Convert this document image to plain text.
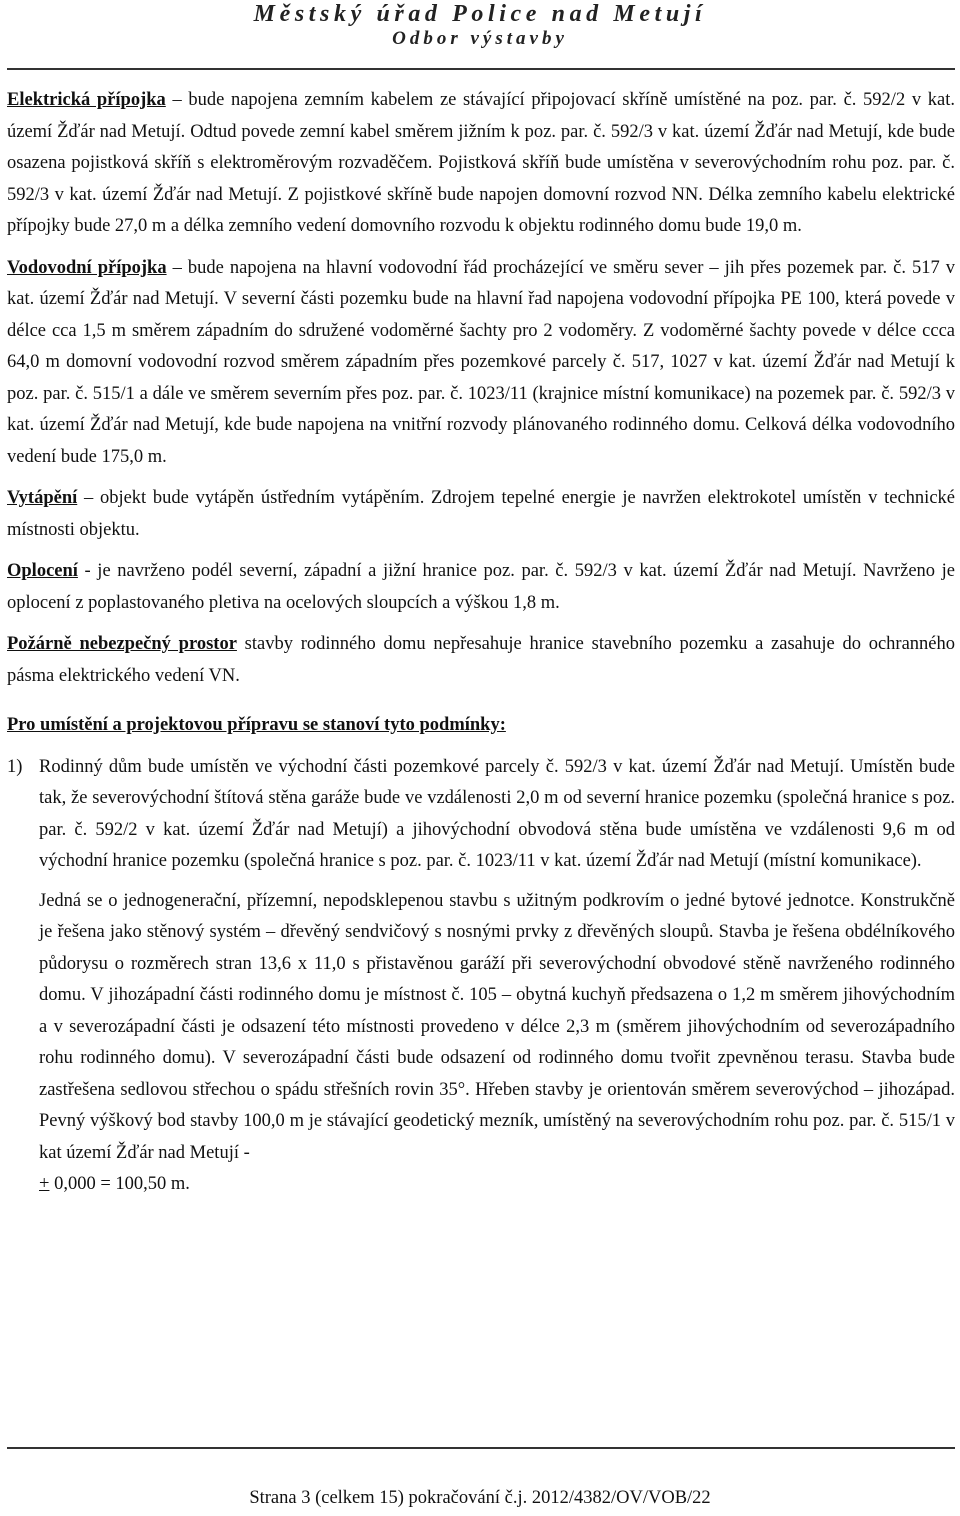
Městský úřad Police nad Metují
Odbor výstavby

Elektrická přípojka – bude napojena zemním kabelem ze stávající připojovací skříně umístěné na poz. par. č. 592/2 v kat. území Žďár nad Metují. Odtud povede zemní kabel směrem jižním k poz. par. č. 592/3 v kat. území Žďár nad Metují, kde bude osazena pojistková skříň s elektroměrovým rozvaděčem. Pojistková skříň bude umístěna v severovýchodním rohu poz. par. č. 592/3 v kat. území Žďár nad Metují. Z pojistkové skříně bude napojen domovní rozvod NN. Délka zemního kabelu elektrické přípojky bude 27,0 m a délka zemního vedení domovního rozvodu k objektu rodinného domu bude 19,0 m.

Vodovodní přípojka – bude napojena na hlavní vodovodní řád procházející ve směru sever – jih přes pozemek par. č. 517 v kat. území Žďár nad Metují. V severní části pozemku bude na hlavní řad napojena vodovodní přípojka PE 100, která povede v délce cca 1,5 m směrem západním do sdružené vodoměrné šachty pro 2 vodoměry. Z vodoměrné šachty povede v délce ccca 64,0 m domovní vodovodní rozvod směrem západním přes pozemkové parcely č. 517, 1027 v kat. území Žďár nad Metují k poz. par. č. 515/1 a dále ve směrem severním přes poz. par. č. 1023/11 (krajnice místní komunikace) na pozemek par. č. 592/3 v kat. území Žďár nad Metují, kde bude napojena na vnitřní rozvody plánovaného rodinného domu. Celková délka vodovodního vedení bude 175,0 m.

Vytápění – objekt bude vytápěn ústředním vytápěním. Zdrojem tepelné energie je navržen elektrokotel umístěn v technické místnosti objektu.

Oplocení - je navrženo podél severní, západní a jižní hranice poz. par. č. 592/3 v kat. území Žďár nad Metují. Navrženo je oplocení z poplastovaného pletiva na ocelových sloupcích a výškou 1,8 m.

Požárně nebezpečný prostor stavby rodinného domu nepřesahuje hranice stavebního pozemku a zasahuje do ochranného pásma elektrického vedení VN.

Pro umístění a projektovou přípravu se stanoví tyto podmínky:

1) Rodinný dům bude umístěn ve východní části pozemkové parcely č. 592/3 v kat. území Žďár nad Metují. Umístěn bude tak, že severovýchodní štítová stěna garáže bude ve vzdálenosti 2,0 m od severní hranice pozemku (společná hranice s poz. par. č. 592/2 v kat. území Žďár nad Metují) a jihovýchodní obvodová stěna bude umístěna ve vzdálenosti 9,6 m od východní hranice pozemku (společná hranice s poz. par. č. 1023/11 v kat. území Žďár nad Metují (místní komunikace).
Jedná se o jednogenerační, přízemní, nepodsklepenou stavbu s užitným podkrovím o jedné bytové jednotce. Konstrukčně je řešena jako stěnový systém – dřevěný sendvičový s nosnými prvky z dřevěných sloupů. Stavba je řešena obdélníkového půdorysu o rozměrech stran 13,6 x 11,0 s přistavěnou garáží při severovýchodní obvodové stěně navrženého rodinného domu. V jihozápadní části rodinného domu je místnost č. 105 – obytná kuchyň předsazena o 1,2 m směrem jihovýchodním a v severozápadní části je odsazení této místnosti provedeno v délce 2,3 m (směrem jihovýchodním od severozápadního rohu rodinného domu). V severozápadní části bude odsazení od rodinného domu tvořit zpevněnou terasu. Stavba bude zastřešena sedlovou střechou o spádu střešních rovin 35°. Hřeben stavby je orientován směrem severovýchod – jihozápad. Pevný výškový bod stavby 100,0 m je stávající geodetický mezník, umístěný na severovýchodním rohu poz. par. č. 515/1 v kat území Žďár nad Metují -
+ 0,000 = 100,50 m.
Strana 3 (celkem 15) pokračování č.j. 2012/4382/OV/VOB/22
